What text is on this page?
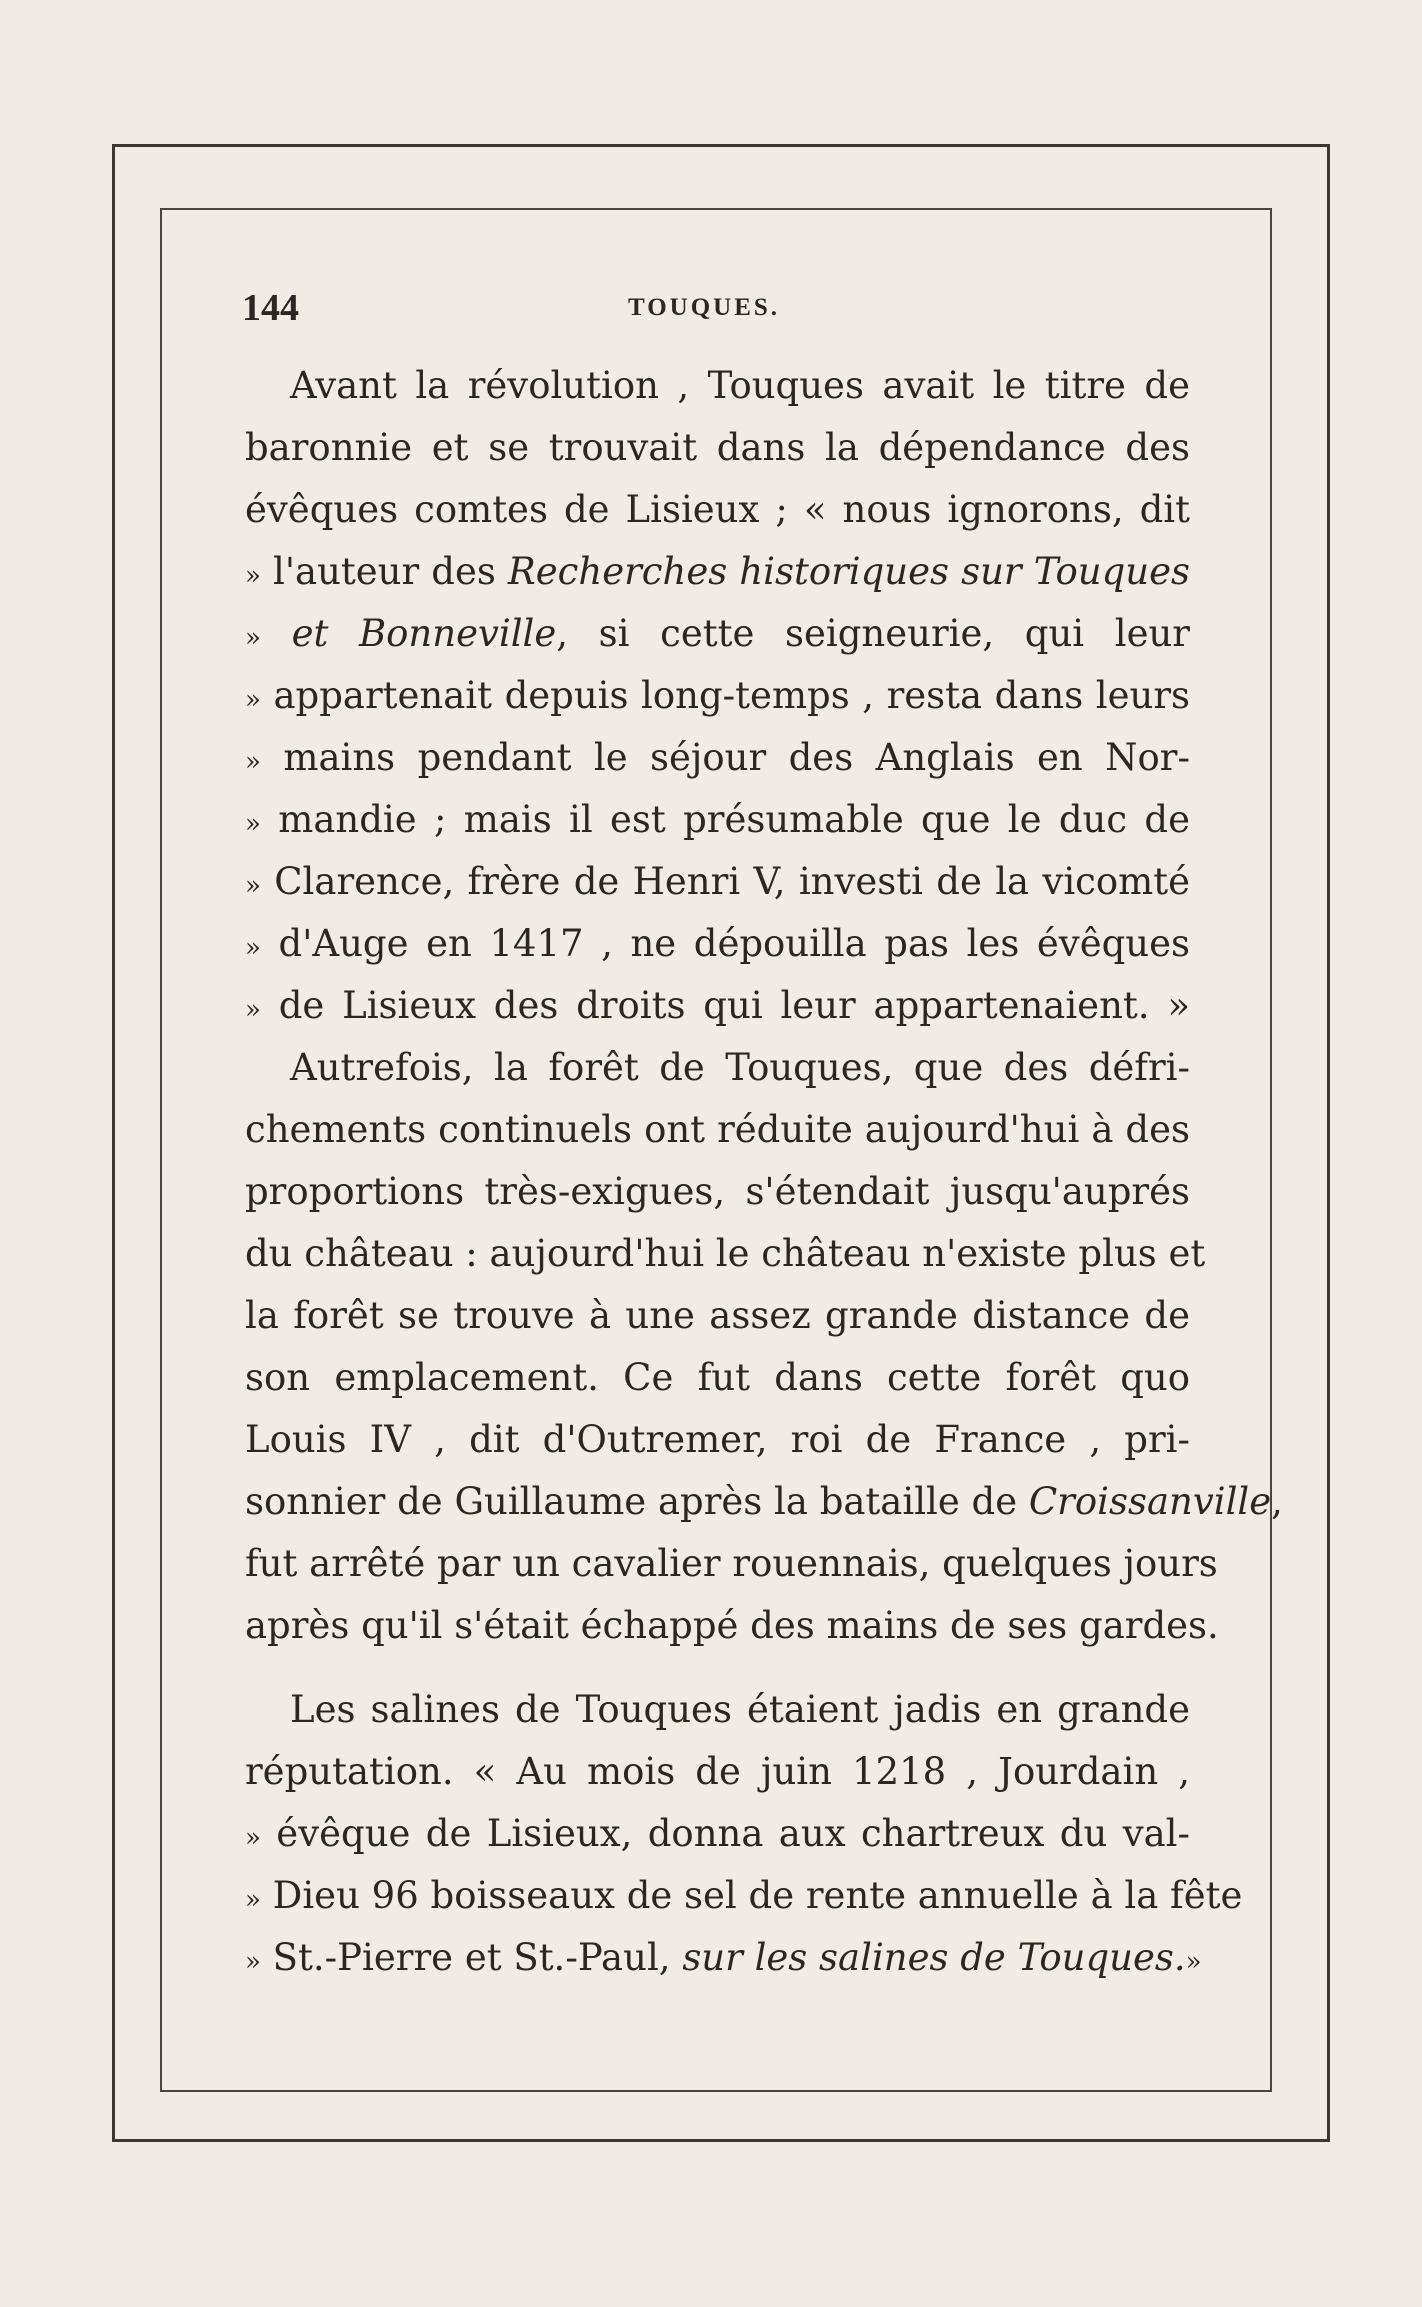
144	TOUQUES.
Avant la révolution , Touques avait le titre de
baronnie et se trouvait dans la dépendance des
évêques comtes de Lisieux ; « nous ignorons, dit
» l'auteur des Recherches historiques sur Touques
» et Bonneville, si cette seigneurie, qui leur
» appartenait depuis long-temps , resta dans leurs
» mains pendant le séjour des Anglais en Nor-
» mandie ; mais il est présumable que le duc de
» Clarence, frère de Henri V, investi de la vicomté
» d'Auge en 1417 , ne dépouilla pas les évêques
» de Lisieux des droits qui leur appartenaient. »
Autrefois, la forêt de Touques, que des défri-
chements continuels ont réduite aujourd'hui à des
proportions très-exigues, s'étendait jusqu'auprés
du château : aujourd'hui le château n'existe plus et
la forêt se trouve à une assez grande distance de
son emplacement. Ce fut dans cette forêt quo
Louis IV , dit d'Outremer, roi de France , pri-
sonnier de Guillaume après la bataille de Croissanville,
fut arrêté par un cavalier rouennais, quelques jours
après qu'il s'était échappé des mains de ses gardes.
Les salines de Touques étaient jadis en grande
réputation. « Au mois de juin 1218 , Jourdain ,
» évêque de Lisieux, donna aux chartreux du val-
» Dieu 96 boisseaux de sel de rente annuelle à la fête
» St.-Pierre et St.-Paul, sur les salines de Touques.»
